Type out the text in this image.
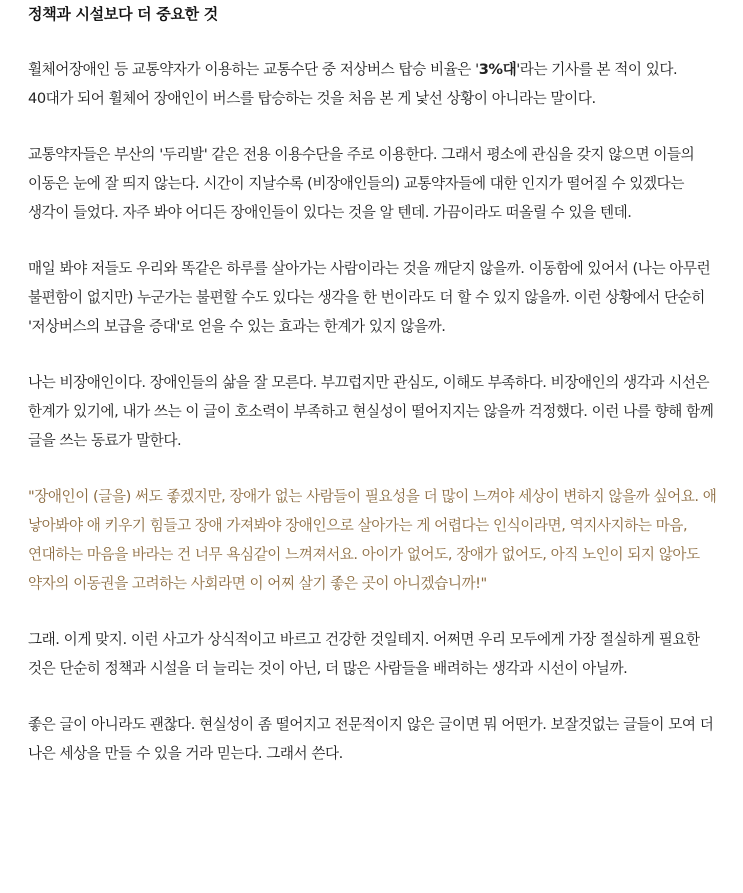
정책과 시설보다 더 중요한 것

휠체어장애인 등 교통약자가 이용하는 교통수단 중 저상버스 탑승 비율은 '3%대'라는 기사를 본 적이 있다. 40대가 되어 휠체어 장애인이 버스를 탑승하는 것을 처음 본 게 낯선 상황이 아니라는 말이다.

교통약자들은 부산의 '두리발' 같은 전용 이용수단을 주로 이용한다. 그래서 평소에 관심을 갖지 않으면 이들의 이동은 눈에 잘 띄지 않는다. 시간이 지날수록 (비장애인들의) 교통약자들에 대한 인지가 떨어질 수 있겠다는 생각이 들었다. 자주 봐야 어디든 장애인들이 있다는 것을 알 텐데. 가끔이라도 떠올릴 수 있을 텐데.

매일 봐야 저들도 우리와 똑같은 하루를 살아가는 사람이라는 것을 깨닫지 않을까. 이동함에 있어서 (나는 아무런 불편함이 없지만) 누군가는 불편할 수도 있다는 생각을 한 번이라도 더 할 수 있지 않을까. 이런 상황에서 단순히 '저상버스의 보급을 증대'로 얻을 수 있는 효과는 한계가 있지 않을까.

나는 비장애인이다. 장애인들의 삶을 잘 모른다. 부끄럽지만 관심도, 이해도 부족하다. 비장애인의 생각과 시선은 한계가 있기에, 내가 쓰는 이 글이 호소력이 부족하고 현실성이 떨어지지는 않을까 걱정했다. 이런 나를 향해 함께 글을 쓰는 동료가 말한다.

"장애인이 (글을) 써도 좋겠지만, 장애가 없는 사람들이 필요성을 더 많이 느껴야 세상이 변하지 않을까 싶어요. 애 낳아봐야 애 키우기 힘들고 장애 가져봐야 장애인으로 살아가는 게 어렵다는 인식이라면, 역지사지하는 마음, 연대하는 마음을 바라는 건 너무 욕심같이 느껴져서요. 아이가 없어도, 장애가 없어도, 아직 노인이 되지 않아도 약자의 이동권을 고려하는 사회라면 이 어찌 살기 좋은 곳이 아니겠습니까!"

그래. 이게 맞지. 이런 사고가 상식적이고 바르고 건강한 것일테지. 어쩌면 우리 모두에게 가장 절실하게 필요한 것은 단순히 정책과 시설을 더 늘리는 것이 아닌, 더 많은 사람들을 배려하는 생각과 시선이 아닐까.

좋은 글이 아니라도 괜찮다. 현실성이 좀 떨어지고 전문적이지 않은 글이면 뭐 어떤가. 보잘것없는 글들이 모여 더 나은 세상을 만들 수 있을 거라 믿는다. 그래서 쓴다.
